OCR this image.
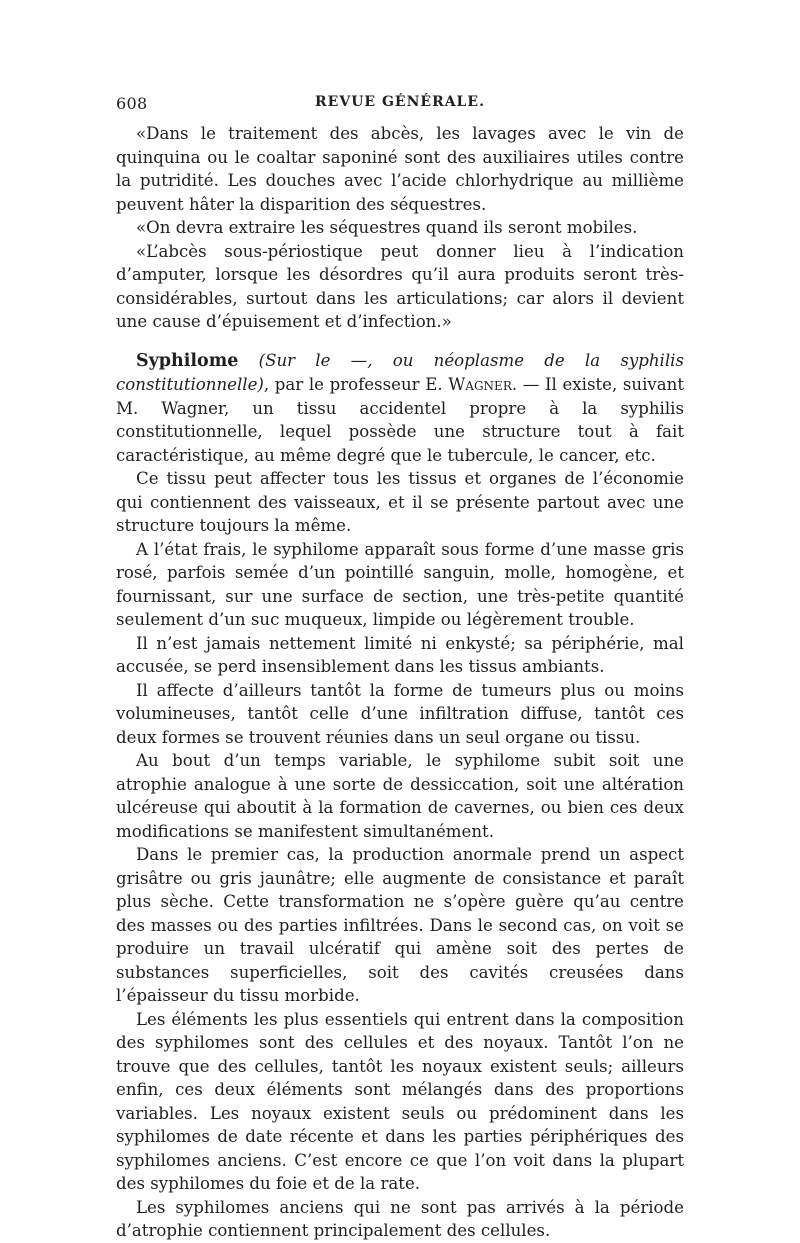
608	REVUE GÉNÉRALE.

«Dans le traitement des abcès, les lavages avec le vin de quinquina ou le coaltar saponiné sont des auxiliaires utiles contre la putridité. Les douches avec l’acide chlorhydrique au millième peuvent hâter la disparition des séquestres.

«On devra extraire les séquestres quand ils seront mobiles.

«L’abcès sous-périostique peut donner lieu à l’indication d’amputer, lorsque les désordres qu’il aura produits seront très-considérables, surtout dans les articulations; car alors il devient une cause d’épuisement et d’infection.»

Syphilome (Sur le —, ou néoplasme de la syphilis constitutionnelle), par le professeur E. Wagner. — Il existe, suivant M. Wagner, un tissu accidentel propre à la syphilis constitutionnelle, lequel possède une structure tout à fait caractéristique, au même degré que le tubercule, le cancer, etc.

Ce tissu peut affecter tous les tissus et organes de l’économie qui contiennent des vaisseaux, et il se présente partout avec une structure toujours la même.

A l’état frais, le syphilome apparaît sous forme d’une masse gris rosé, parfois semée d’un pointillé sanguin, molle, homogène, et fournissant, sur une surface de section, une très-petite quantité seulement d’un suc muqueux, limpide ou légèrement trouble.

Il n’est jamais nettement limité ni enkysté; sa périphérie, mal accusée, se perd insensiblement dans les tissus ambiants.

Il affecte d’ailleurs tantôt la forme de tumeurs plus ou moins volumineuses, tantôt celle d’une infiltration diffuse, tantôt ces deux formes se trouvent réunies dans un seul organe ou tissu.

Au bout d’un temps variable, le syphilome subit soit une atrophie analogue à une sorte de dessiccation, soit une altération ulcéreuse qui aboutit à la formation de cavernes, ou bien ces deux modifications se manifestent simultanément.

Dans le premier cas, la production anormale prend un aspect grisâtre ou gris jaunâtre; elle augmente de consistance et paraît plus sèche. Cette transformation ne s’opère guère qu’au centre des masses ou des parties infiltrées. Dans le second cas, on voit se produire un travail ulcératif qui amène soit des pertes de substances superficielles, soit des cavités creusées dans l’épaisseur du tissu morbide.

Les éléments les plus essentiels qui entrent dans la composition des syphilomes sont des cellules et des noyaux. Tantôt l’on ne trouve que des cellules, tantôt les noyaux existent seuls; ailleurs enfin, ces deux éléments sont mélangés dans des proportions variables. Les noyaux existent seuls ou prédominent dans les syphilomes de date récente et dans les parties périphériques des syphilomes anciens. C’est encore ce que l’on voit dans la plupart des syphilomes du foie et de la rate.

Les syphilomes anciens qui ne sont pas arrivés à la période d’atrophie contiennent principalement des cellules.
